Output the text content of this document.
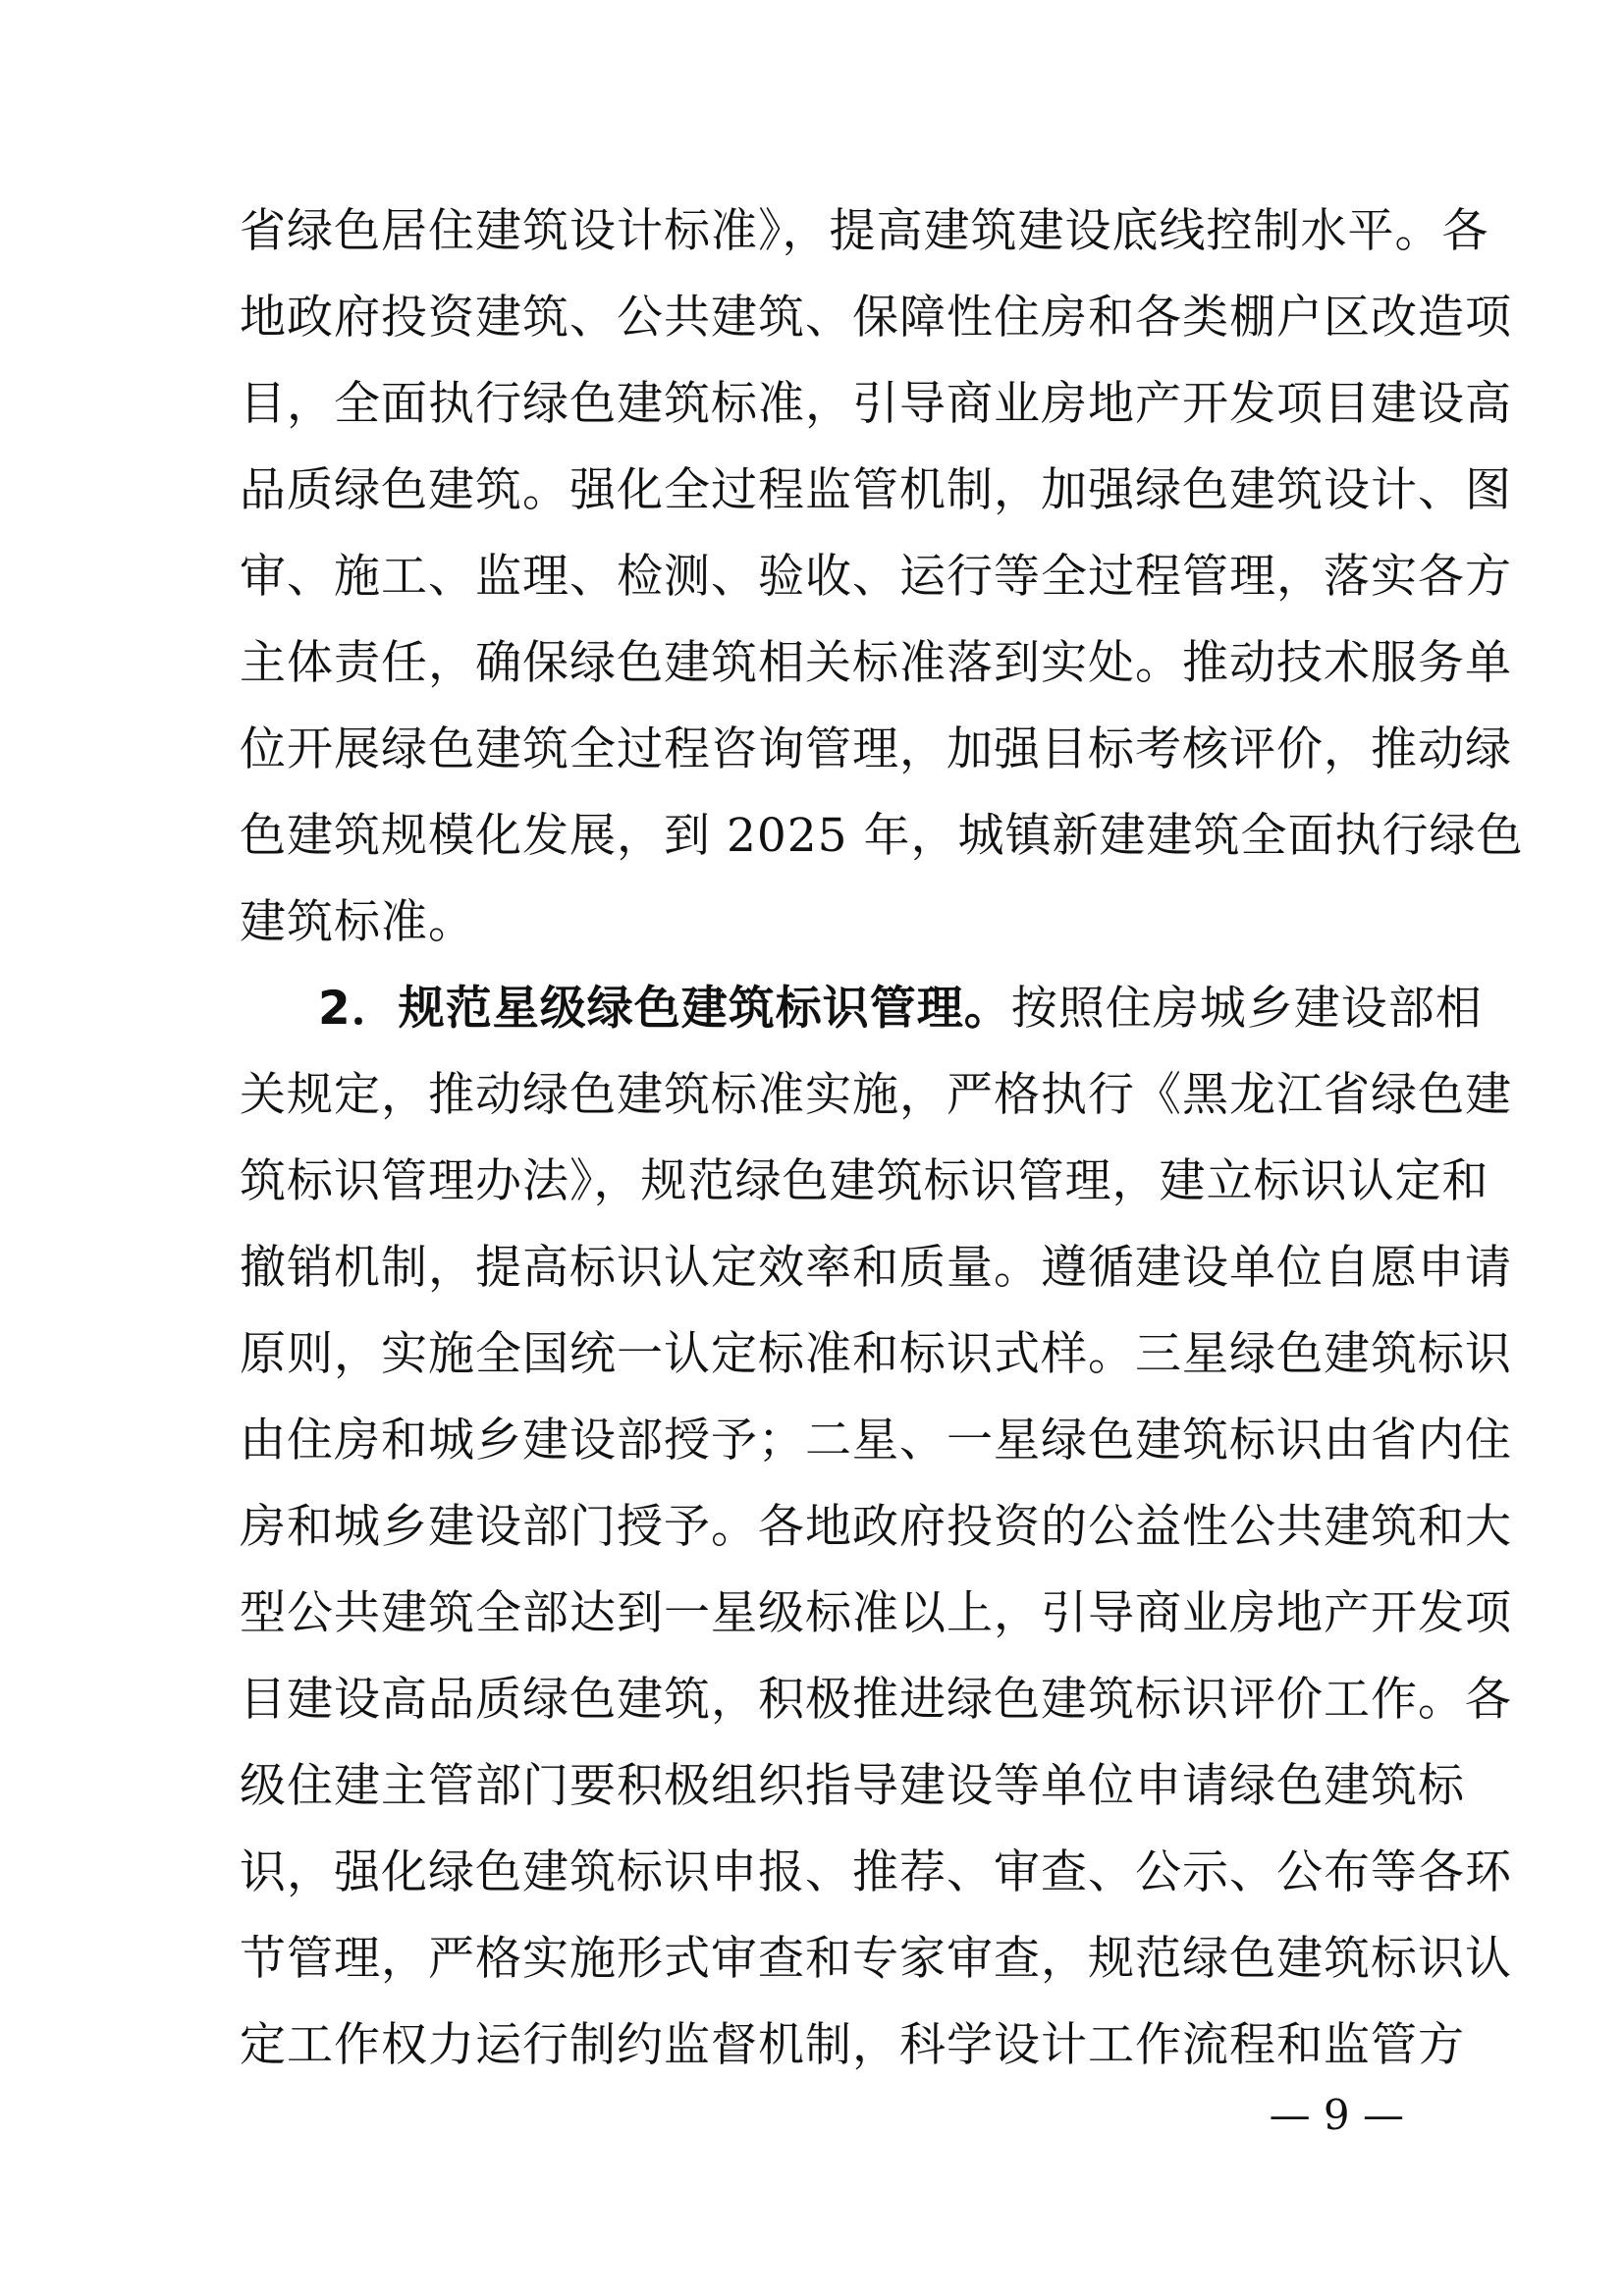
省绿色居住建筑设计标准》，提高建筑建设底线控制水平。各
地政府投资建筑、公共建筑、保障性住房和各类棚户区改造项
目，全面执行绿色建筑标准，引导商业房地产开发项目建设高
品质绿色建筑。强化全过程监管机制，加强绿色建筑设计、图
审、施工、监理、检测、验收、运行等全过程管理，落实各方
主体责任，确保绿色建筑相关标准落到实处。推动技术服务单
位开展绿色建筑全过程咨询管理，加强目标考核评价，推动绿
色建筑规模化发展，到 2025 年，城镇新建建筑全面执行绿色
建筑标准。
2．规范星级绿色建筑标识管理。按照住房城乡建设部相
关规定，推动绿色建筑标准实施，严格执行《黑龙江省绿色建
筑标识管理办法》，规范绿色建筑标识管理，建立标识认定和
撤销机制，提高标识认定效率和质量。遵循建设单位自愿申请
原则，实施全国统一认定标准和标识式样。三星绿色建筑标识
由住房和城乡建设部授予；二星、一星绿色建筑标识由省内住
房和城乡建设部门授予。各地政府投资的公益性公共建筑和大
型公共建筑全部达到一星级标准以上，引导商业房地产开发项
目建设高品质绿色建筑，积极推进绿色建筑标识评价工作。各
级住建主管部门要积极组织指导建设等单位申请绿色建筑标
识，强化绿色建筑标识申报、推荐、审查、公示、公布等各环
节管理，严格实施形式审查和专家审查，规范绿色建筑标识认
定工作权力运行制约监督机制，科学设计工作流程和监管方
— 9 —
